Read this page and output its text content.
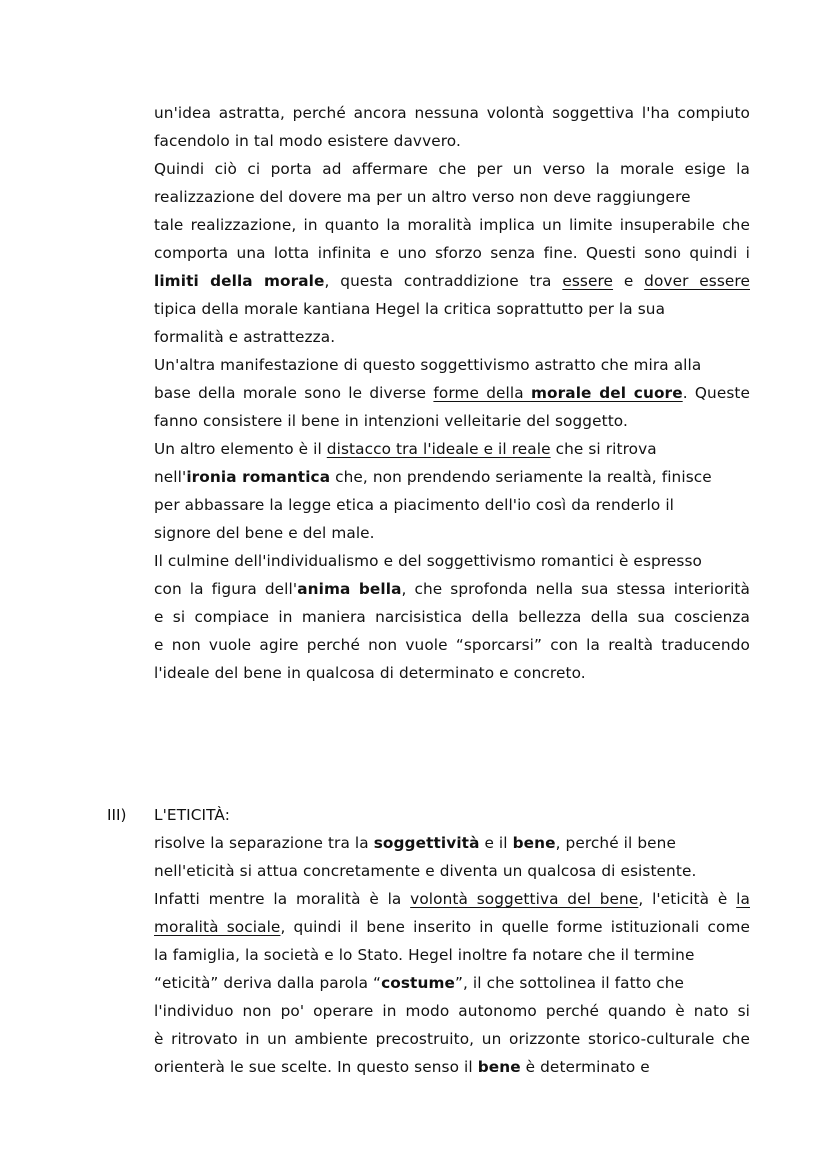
un'idea astratta, perché ancora nessuna volontà soggettiva l'ha compiuto
facendolo in tal modo esistere davvero.
Quindi ciò ci porta ad affermare che per un verso la morale esige la
realizzazione del dovere ma per un altro verso non deve raggiungere
tale realizzazione, in quanto la moralità implica un limite insuperabile che
comporta una lotta infinita e uno sforzo senza fine. Questi sono quindi i
limiti della morale, questa contraddizione tra essere e dover essere
tipica della morale kantiana Hegel la critica soprattutto per la sua
formalità e astrattezza.
Un'altra manifestazione di questo soggettivismo astratto che mira alla
base della morale sono le diverse forme della morale del cuore. Queste
fanno consistere il bene in intenzioni velleitarie del soggetto.
Un altro elemento è il distacco tra l'ideale e il reale che si ritrova
nell'ironia romantica che, non prendendo seriamente la realtà, finisce
per abbassare la legge etica a piacimento dell'io così da renderlo il
signore del bene e del male.
Il culmine dell'individualismo e del soggettivismo romantici è espresso
con la figura dell'anima bella, che sprofonda nella sua stessa interiorità
e si compiace in maniera narcisistica della bellezza della sua coscienza
e non vuole agire perché non vuole “sporcarsi” con la realtà traducendo
l'ideale del bene in qualcosa di determinato e concreto.
III) L'ETICITÀ:
risolve la separazione tra la soggettività e il bene, perché il bene
nell'eticità si attua concretamente e diventa un qualcosa di esistente.
Infatti mentre la moralità è la volontà soggettiva del bene, l'eticità è la
moralità sociale, quindi il bene inserito in quelle forme istituzionali come
la famiglia, la società e lo Stato. Hegel inoltre fa notare che il termine
“eticità” deriva dalla parola “costume”, il che sottolinea il fatto che
l'individuo non po' operare in modo autonomo perché quando è nato si
è ritrovato in un ambiente precostruito, un orizzonte storico-culturale che
orienterà le sue scelte. In questo senso il bene è determinato e
